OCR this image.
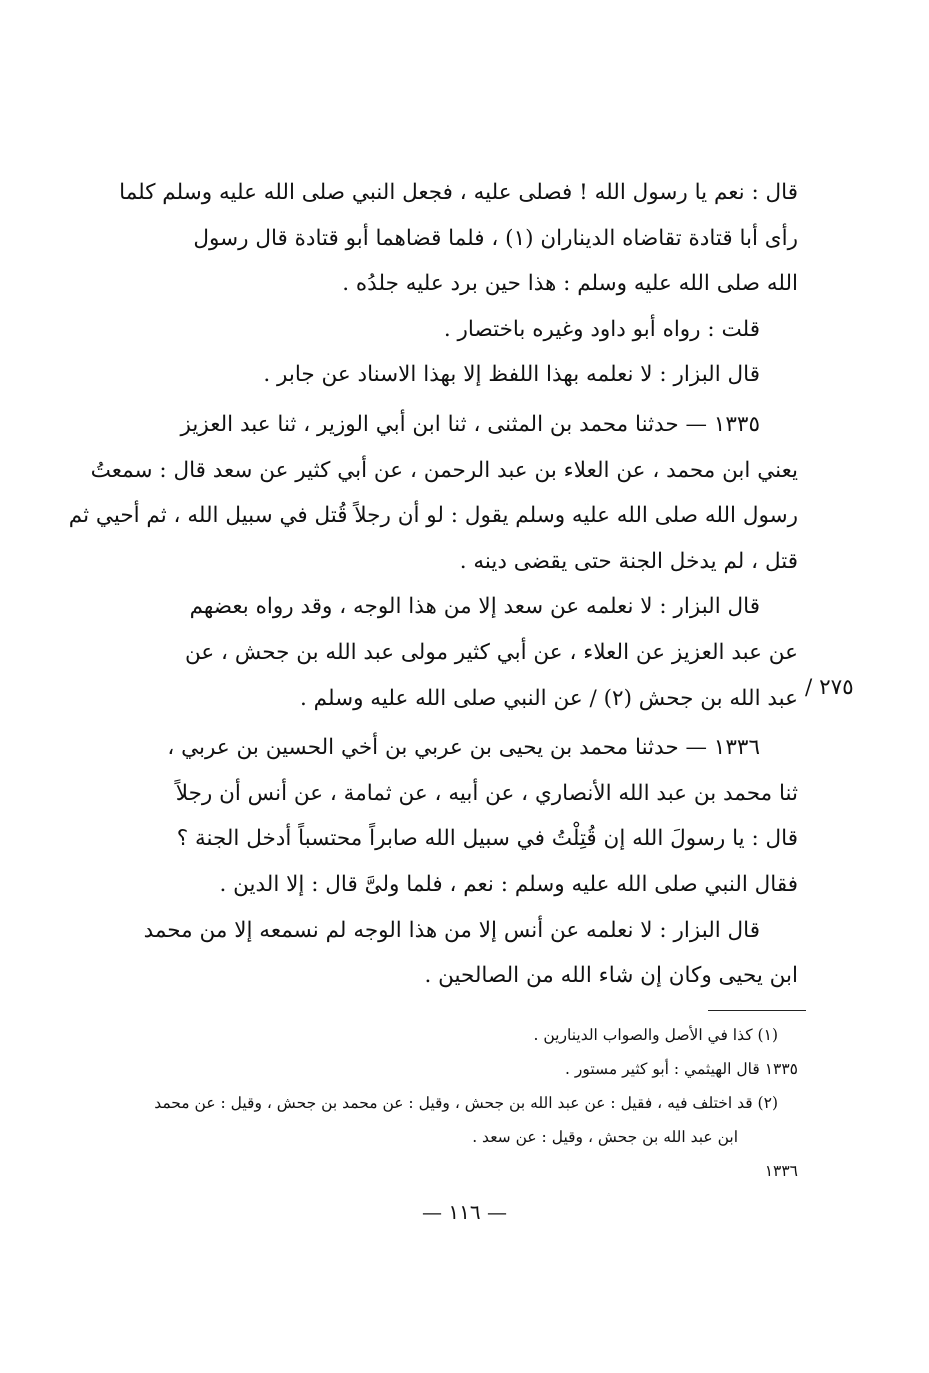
قال : نعم يا رسول الله ! فصلى عليه ، فجعل النبي صلى الله عليه وسلم كلما
رأى أبا قتادة تقاضاه الديناران (١) ، فلما قضاهما أبو قتادة قال رسول
الله صلى الله عليه وسلم : هذا حين برد عليه جلدُه .

قلت : رواه أبو داود وغيره باختصار .

قال البزار : لا نعلمه بهذا اللفظ إلا بهذا الاسناد عن جابر .

١٣٣٥ — حدثنا محمد بن المثنى ، ثنا ابن أبي الوزير ، ثنا عبد العزيز
يعني ابن محمد ، عن العلاء بن عبد الرحمن ، عن أبي كثير عن سعد قال : سمعتُ
رسول الله صلى الله عليه وسلم يقول : لو أن رجلاً قُتل في سبيل الله ، ثم أحيي ثم
قتل ، لم يدخل الجنة حتى يقضى دينه .

قال البزار : لا نعلمه عن سعد إلا من هذا الوجه ، وقد رواه بعضهم
عن عبد العزيز عن العلاء ، عن أبي كثير مولى عبد الله بن جحش ، عن
عبد الله بن جحش (٢) / عن النبي صلى الله عليه وسلم .

١٣٣٦ — حدثنا محمد بن يحيى بن عربي بن أخي الحسين بن عربي ،
ثنا محمد بن عبد الله الأنصاري ، عن أبيه ، عن ثمامة ، عن أنس أن رجلاً
قال : يا رسولَ الله إن قُتِلْتُ في سبيل الله صابراً محتسباً أدخل الجنة ؟
فقال النبي صلى الله عليه وسلم : نعم ، فلما ولىَّ قال : إلا الدين .

قال البزار : لا نعلمه عن أنس إلا من هذا الوجه لم نسمعه إلا من محمد
ابن يحيى وكان إن شاء الله من الصالحين .

٢٧٥ /
(١) كذا في الأصل والصواب الدينارين .
١٣٣٥ قال الهيثمي : أبو كثير مستور .
(٢) قد اختلف فيه ، فقيل : عن عبد الله بن جحش ، وقيل : عن محمد بن جحش ، وقيل : عن محمد
ابن عبد الله بن جحش ، وقيل : عن سعد .
١٣٣٦
— ١١٦ —
